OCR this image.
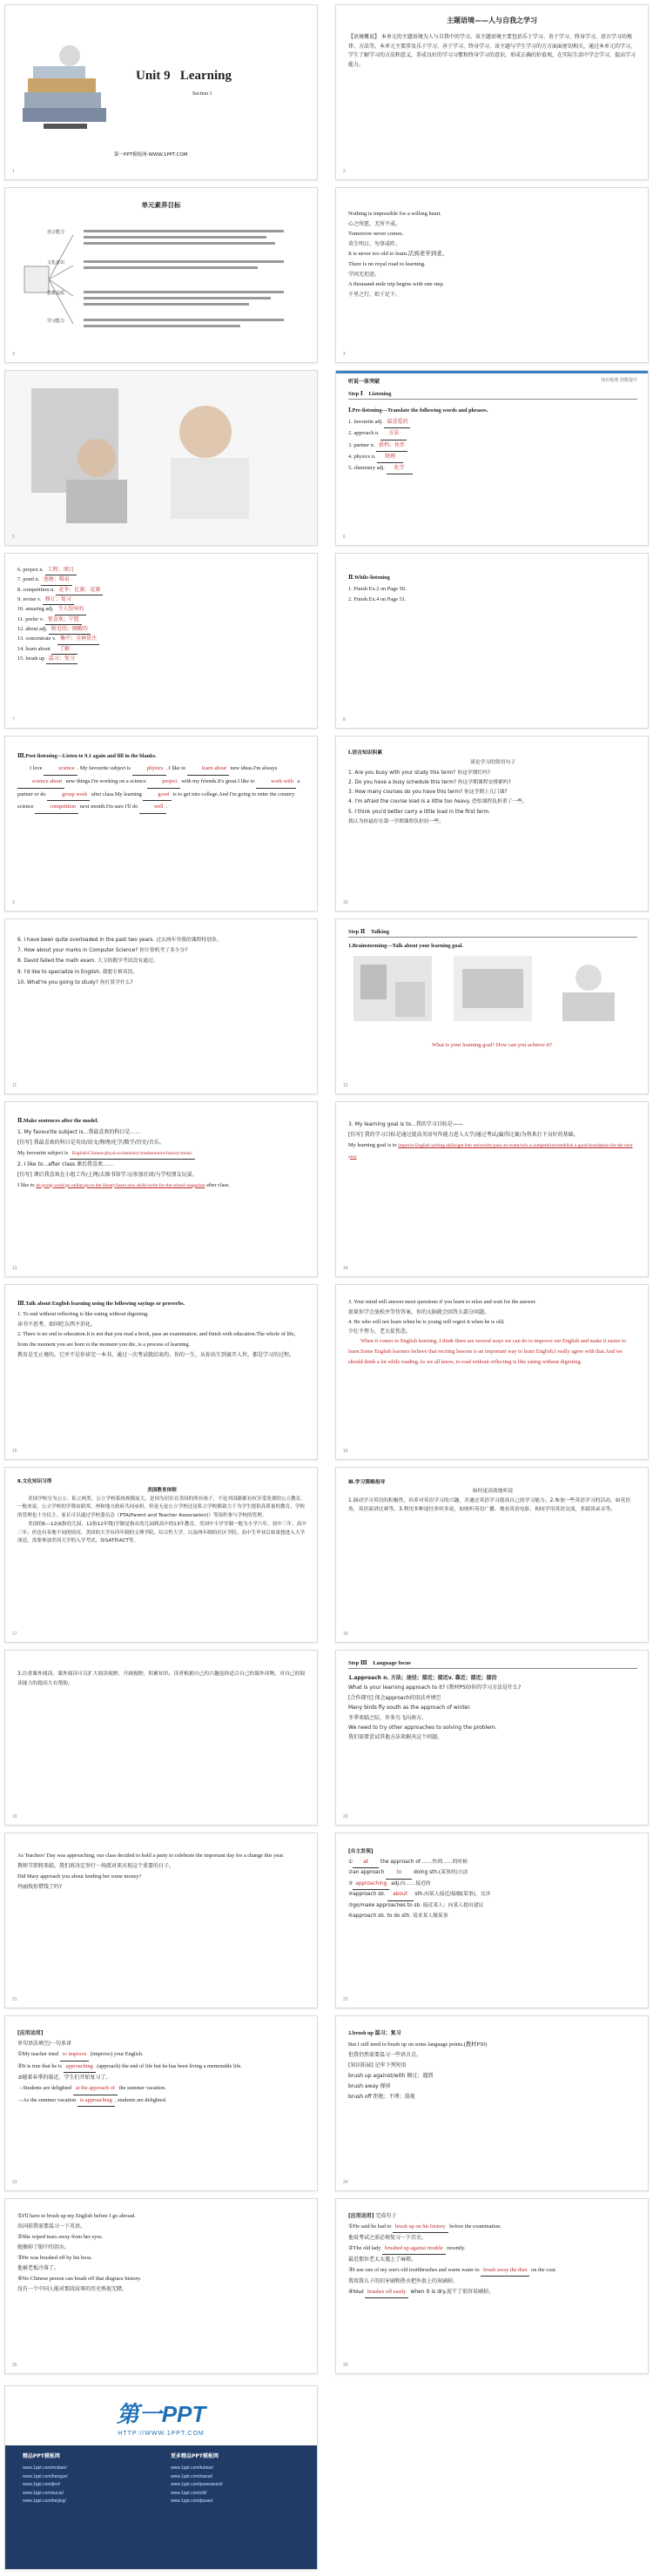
Unit 9 Learning
Section 1
第一PPT模板网-WWW.1PPT.COM
1
主题语境——人与自我之学习
【语境概说】 本单元的主题语境为人与自我中的学习。该主题语境主要包括乐于学习、善于学习、终身学习，语言学习的规律、方法等。本单元主要涉及乐于学习、善于学习、终身学习，该主题与学生学习的方方面面密切相关，通过本单元的学习，学生了解学习的方法和意义，养成良好的学习习惯和终身学习的意识，形成正确的价值观，在实际生活中学会学习，提高学习能力。
2
单元素养目标
语言能力
文化意识
思维品质
学习能力
3
Nothing is impossible for a willing heart.
心之所愿，无所不成。
Tomorrow never comes.
莫生明日，勿事成昨。
It is never too old to learn.活到老学到老。
There is no royal road to learning.
学问无坦途。
A thousand-mile trip begins with one step.
千里之行，始于足下。
4
5
听说一体突破	知识梳理 技能提升
Step Ⅰ Listening
Ⅰ.Pre-listening—Translate the following words and phrases.
1. favourite adj. 最喜爱的
2. approach n. 方法
3. partner n. 搭档；伙伴
4. physics n. 物理
5. chemistry adj. 化学
6
6. project n. 工程；项目
7. pond n. 池塘；喷泉
8. competition n. 竞争；比赛；竞赛
9. revise v. 修订；复习
10. amazing adj. 令人惊异的
11. prefer v. 更喜欢；宁愿
12. about adj. 附近的；刚醒的
13. concentrate v. 集中；全神贯注
14. learn about 了解
15. brush up 温习；复习
7
Ⅱ.While-listening
1. Finish Ex.2 on Page 50.
2. Finish Ex.4 on Page 51.
8
Ⅲ.Post-listening—Listen to 9.1 again and fill in the blanks.
I love	science . My favourite subject is	physics . I like to	learn about new ideas.I'm always science about new things.I'm working on a science	project with my friends.It's great.I like to	work with a partner or do	group work after class.My learning	good is to get into college.And I'm going to enter the country science	competition next month.I'm sure I'll do	well .
9
Ⅰ.语言知识积累
谈论学习的常用句子
1. Are you busy with your study this term? 你这学期忙吗?
2. Do you have a busy schedule this term? 你这学期课程安排紧吗?
3. How many courses do you have this term? 你这学期上几门课?
4. I'm afraid the course load is a little too heavy. 恐怕课程负担重了一些。
5. I think you'd better carry a little load in the first term.
我认为你最好在第一学期课程负担轻一些。
10
6. I have been quite overloaded in the past two years. 过去两年里我的课程特别多。
7. How about your marks in Computer Science? 你计算机考了多少分?
8. David failed the math exam. 大卫的数学考试没有通过。
9. I'd like to specialize in English. 我想专修英语。
10. What're you going to study? 你打算学什么?
11
Step Ⅱ Talking
1.Brainstorming—Talk about your learning goal.
What is your learning goal? How can you achieve it?
12
Ⅱ.Make sentences after the model.
1. My favourite subject is...我最喜欢的科目是……
[仿写] 我最喜欢的科目是英语/语文/物理/化学/数学/历史/音乐。
My favourite subject is English/Chinese/physics/chemistry/mathematics/history/music
2. I like to...after class.课后我喜欢……
[仿写] 课后我喜欢在小组工作/上网/去图书馆学习/参加社团/与学校朋友玩耍。
I like to do group work/go online/go to the library/learn new skills/write for the school magazine after class.
13
3. My learning goal is to...我的学习目标是——
[仿写] 我的学习目标是通过提高英语写作能力进入大学/通过考试/赢得比赛/为将来打下良好的基础。
My learning goal is to improve English writing skills/get into university/pass an exam/win a competition/establish a good foundation for the next year
14
Ⅲ.Talk about English learning using the following sayings or proverbs.
1. To end without reflecting is like eating without digesting.
读书不思考，如同吃东西不消化。
2. There is no end to education.It is not that you read a book, pass an examination, and finish with education.The whole of life, from the moment you are born to the moment you die, is a process of learning.
教育是无止境的。它并不是你读完一本书，通过一次考试就结束的。你的一生，从你出生到离开人世，都是学习的过程。
15
3. Your mind will answer most questions if you learn to relax and wait for the answer.
如果你学会放松并等待答案，你的大脑就会回答大部分问题。
4. He who will not learn when he is young will regret it when he is old.
少壮不努力，老大徒伤悲。
When it comes to English learning, I think there are several ways we can do to improve our English and make it easier to learn.Some English learners believe that reciting lessons is an important way to learn English.I really agree with that.And we should think a lot while reading.As we all know, to read without reflecting is like eating without digesting.
16
Ⅱ.文化知识习得
美国教育体制
美国学校分为公立、私立两类。公立学校系统规模庞大，是因为居住在美国的所有孩子，不论其国籍都有权享受免费的公立教育。一般来说，公立学校的学费由联邦、州和地方政府共同承担。但是无论公立学校还是私立学校都致力于为学生提供高质量的教育，学校的管理也十分民主。家长可以通过学校委员会（PTA(Parent and Teacher Association)）等组织参与学校的管理。
美国的K—12(K指幼儿园，12指12年级)学制是指从幼儿园到高中的13年教育。美国中小学学制一般为小学六年，初中三年，高中三年；但也有各地不同的情况。美国的大学有四年制的文理学院、综合性大学，以及两年制的社区学院。高中生毕业后如果想进入大学深造，需要参加美国大学的入学考试，如SAT和ACT等。
17
Ⅲ.学习策略指导
如何更高效地听说
1.调动学习英语的积极性，培养对英语学习的兴趣，并通过英语学习提高自己的学习能力。2.参加一些英语学习的活动，如英语角，英语演讲比赛等。3.利用多种途径多听多说，如收听英语广播、观看英语电影，和同学用英语交流，多跟读录音等。
18
3.注重课外阅读，课外阅读可以扩大阅读视野，开阔视野，积累知识。读者根据自己的兴趣选择适合自己的课外读物，对自己的阅读能力的提高大有帮助。
19
Step Ⅲ Language focus
1.approach n. 方法；途径；接近；接近v. 靠近；接近；接洽
What is your learning approach to it? (教材P50)你的学习方法是什么?
[合作探究] 体会approach的用法并填空
Many birds fly south as the approach of winter.
冬季来临之际，许多鸟飞向南方。
We need to try other approaches to solving the problem.
我们需要尝试其他方法来解决这个问题。
20
As Teachers' Day was approaching, our class decided to hold a party to celebrate the important day for a change this year.
教师节即将来临，我们班决定举行一场派对来庆祝这个重要的日子。
Did Mary approach you about lending her some money?
玛丽找你借钱了吗?
21
[自主发现]
① at the approach of ……快到……的时候
②an approach to doing sth.(某事的)方法
③ approaching adj.向……接近的
④approach sb. about sth.向某人接近/接触(某事)，交涉
⑤go/make approaches to sb. 接近某人；向某人提出建议
⑥approach sb. to do sth. 请求某人做某事
22
[应用运用]
单句语法填空/一句多译
①My teacher tried to improve (improve) your English.
②It is true that he is approaching (approach) the end of life but he has been living a memorable life.
③随着春季的临近，学生们开始复习了。
→Students are delighted at the approach of the summer vacation.
→As the summer vacation is approaching , students are delighted.
23
2.brush up 温习；复习
But I still need to brush up on some language points.(教材P50)
但我仍然需要温习一些语言点。
[知识拓展] 记牢下列短语
brush up against/with 擦过；遇到
brush away 掸掉
brush off 拒绝；不理；漠视
24
①I'll have to brush up my English before I go abroad.
出国前我需要温习一下英语。
②She wiped tears away from her eyes.
她擦掉了眼中的泪水。
③He was brushed off by his boss.
他被老板冷落了。
④No Chinese person can brush off that disgrace history.
没有一个中国人能对那段屈辱的历史熟视无睹。
25
[应用运用] 完成句子
①He said he had to brush up on his history before the examination.
他说考试之前必须复习一下历史。
②The old lady brushed up against trouble recently.
最近那位老太太遇上了麻烦。
③I use one of my son's old toothbrushes and warm water to brush away the dust on the coat.
我用我儿子的旧牙刷和热水把外套上的灰刷掉。
④Mud brushes off easily when it is dry.泥干了很容易刷掉。
26
第一PPT
HTTP://WWW.1PPT.COM
精品PPT模板网	更多精品PPT模板网
www.1ppt.com/moban/
www.1ppt.com/hangye/
www.1ppt.com/jieri/
www.1ppt.com/sucai/
www.1ppt.com/beijing/
www.1ppt.com/tubiao/
www.1ppt.com/xiazai/
www.1ppt.com/powerpoint/
www.1ppt.com/ziti/
www.1ppt.com/jiaoan/
